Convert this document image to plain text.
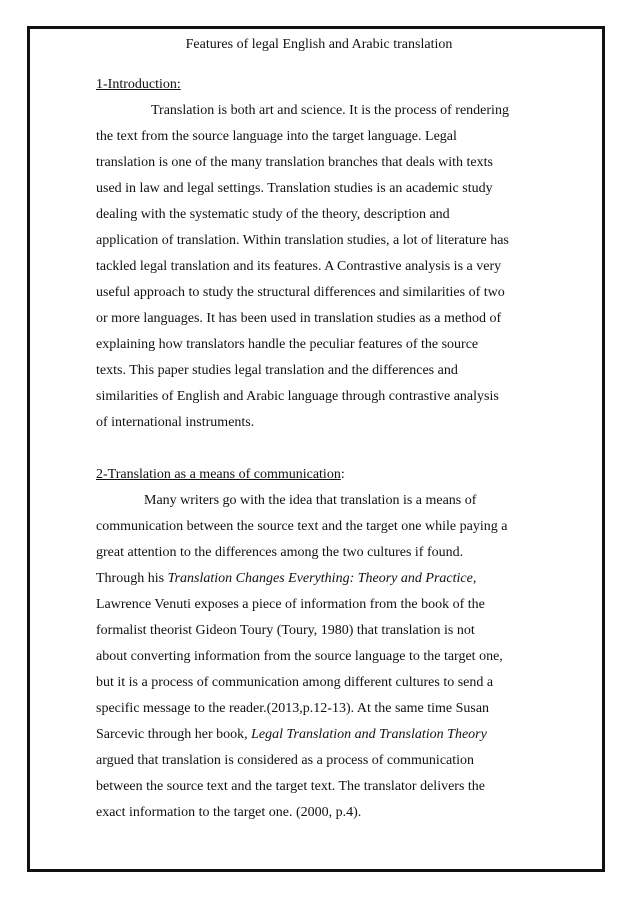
Features of legal English and Arabic translation

1-Introduction:

Translation is both art and science. It is the process of rendering
the text from the source language into the target language. Legal
translation is one of the many translation branches that deals with texts
used in law and legal settings. Translation studies is an academic study
dealing with the systematic study of the theory, description and
application of translation. Within translation studies, a lot of literature has
tackled legal translation and its features. A Contrastive analysis is a very
useful approach to study the structural differences and similarities of two
or more languages. It has been used in translation studies as a method of
explaining how translators handle the peculiar features of the source
texts. This paper studies legal translation and the differences and
similarities of English and Arabic language through contrastive analysis
of international instruments.

2-Translation as a means of communication:

Many writers go with the idea that translation is a means of
communication between the source text and the target one while paying a
great attention to the differences among the two cultures if found.
Through his Translation Changes Everything: Theory and Practice,
Lawrence Venuti exposes a piece of information from the book of the
formalist theorist Gideon Toury (Toury, 1980) that translation is not
about converting information from the source language to the target one,
but it is a process of communication among different cultures to send a
specific message to the reader.(2013,p.12-13). At the same time Susan
Sarcevic through her book, Legal Translation and Translation Theory
argued that translation is considered as a process of communication
between the source text and the target text. The translator delivers the
exact information to the target one. (2000, p.4).
